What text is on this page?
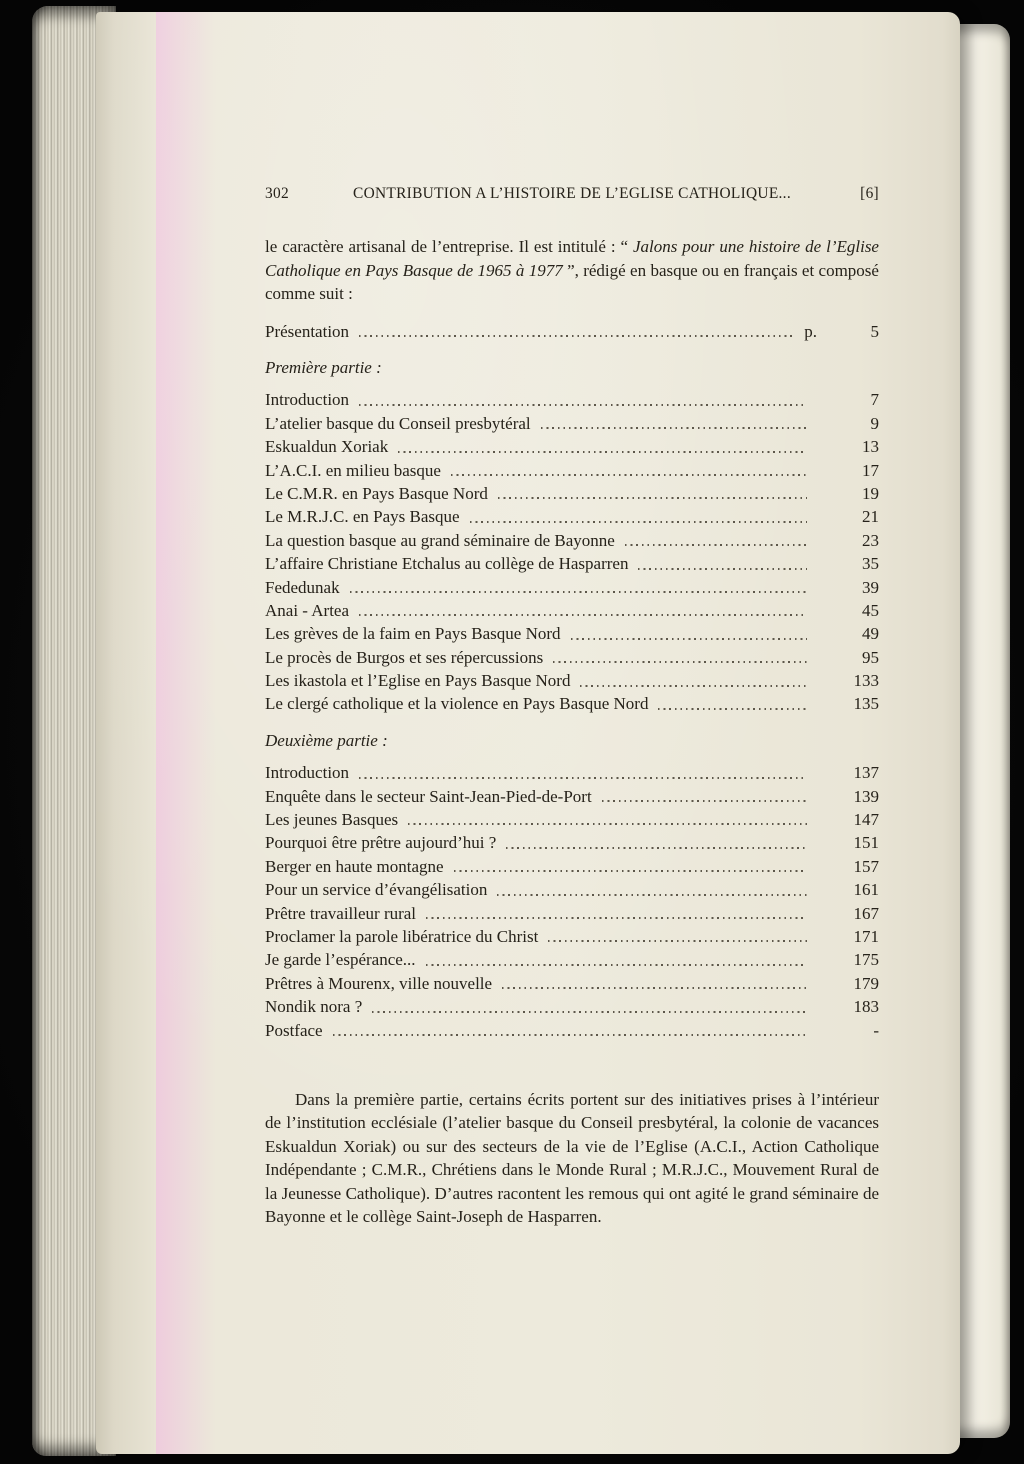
302	CONTRIBUTION A L’HISTOIRE DE L’EGLISE CATHOLIQUE...	[6]

le caractère artisanal de l’entreprise. Il est intitulé : “ Jalons pour une histoire de l’Eglise Catholique en Pays Basque de 1965 à 1977 ”, rédigé en basque ou en français et composé comme suit :

Présentation	p.	5
Première partie :
Introduction	7
L’atelier basque du Conseil presbytéral	9
Eskualdun Xoriak	13
L’A.C.I. en milieu basque	17
Le C.M.R. en Pays Basque Nord	19
Le M.R.J.C. en Pays Basque	21
La question basque au grand séminaire de Bayonne	23
L’affaire Christiane Etchalus au collège de Hasparren	35
Fededunak	39
Anai - Artea	45
Les grèves de la faim en Pays Basque Nord	49
Le procès de Burgos et ses répercussions	95
Les ikastola et l’Eglise en Pays Basque Nord	133
Le clergé catholique et la violence en Pays Basque Nord	135
Deuxième partie :
Introduction	137
Enquête dans le secteur Saint-Jean-Pied-de-Port	139
Les jeunes Basques	147
Pourquoi être prêtre aujourd’hui ?	151
Berger en haute montagne	157
Pour un service d’évangélisation	161
Prêtre travailleur rural	167
Proclamer la parole libératrice du Christ	171
Je garde l’espérance...	175
Prêtres à Mourenx, ville nouvelle	179
Nondik nora ?	183
Postface	-

Dans la première partie, certains écrits portent sur des initiatives prises à l’intérieur de l’institution ecclésiale (l’atelier basque du Conseil presbytéral, la colonie de vacances Eskualdun Xoriak) ou sur des secteurs de la vie de l’Eglise (A.C.I., Action Catholique Indépendante ; C.M.R., Chrétiens dans le Monde Rural ; M.R.J.C., Mouvement Rural de la Jeunesse Catholique). D’autres racontent les remous qui ont agité le grand séminaire de Bayonne et le collège Saint-Joseph de Hasparren.
